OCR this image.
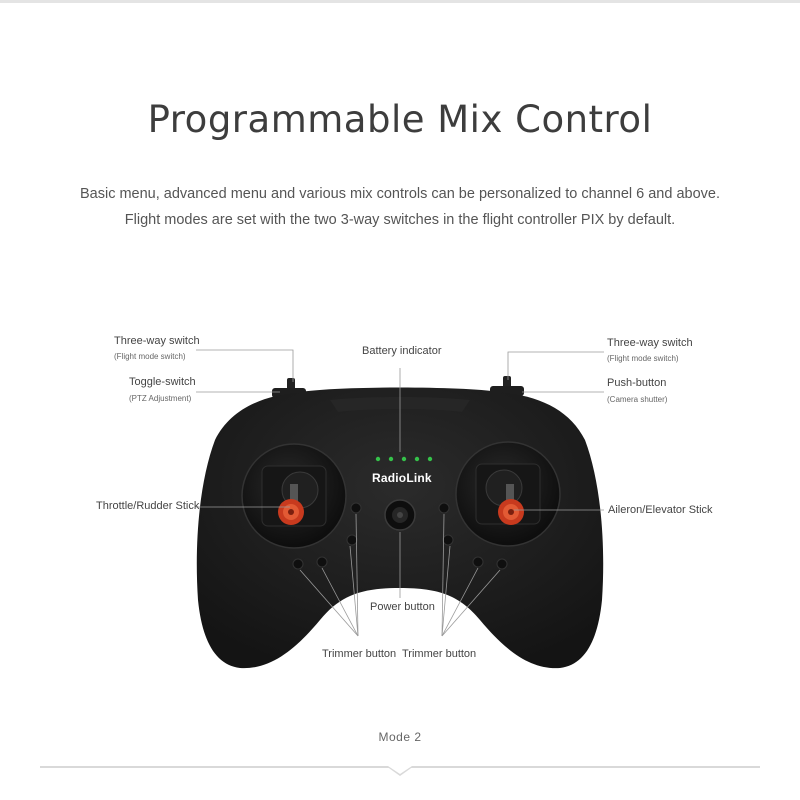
Programmable Mix Control
Basic menu, advanced menu and various mix controls can be personalized to channel 6 and above.
Flight modes are set with the two 3-way switches in the flight controller PIX by default.
RadioLink
Three-way switch
(Flight mode switch)
Toggle-switch
(PTZ Adjustment)
Throttle/Rudder Stick
Battery indicator
Power button
Trimmer button Trimmer button
Three-way switch
(Flight mode switch)
Push-button
(Camera shutter)
Aileron/Elevator Stick
Mode 2
